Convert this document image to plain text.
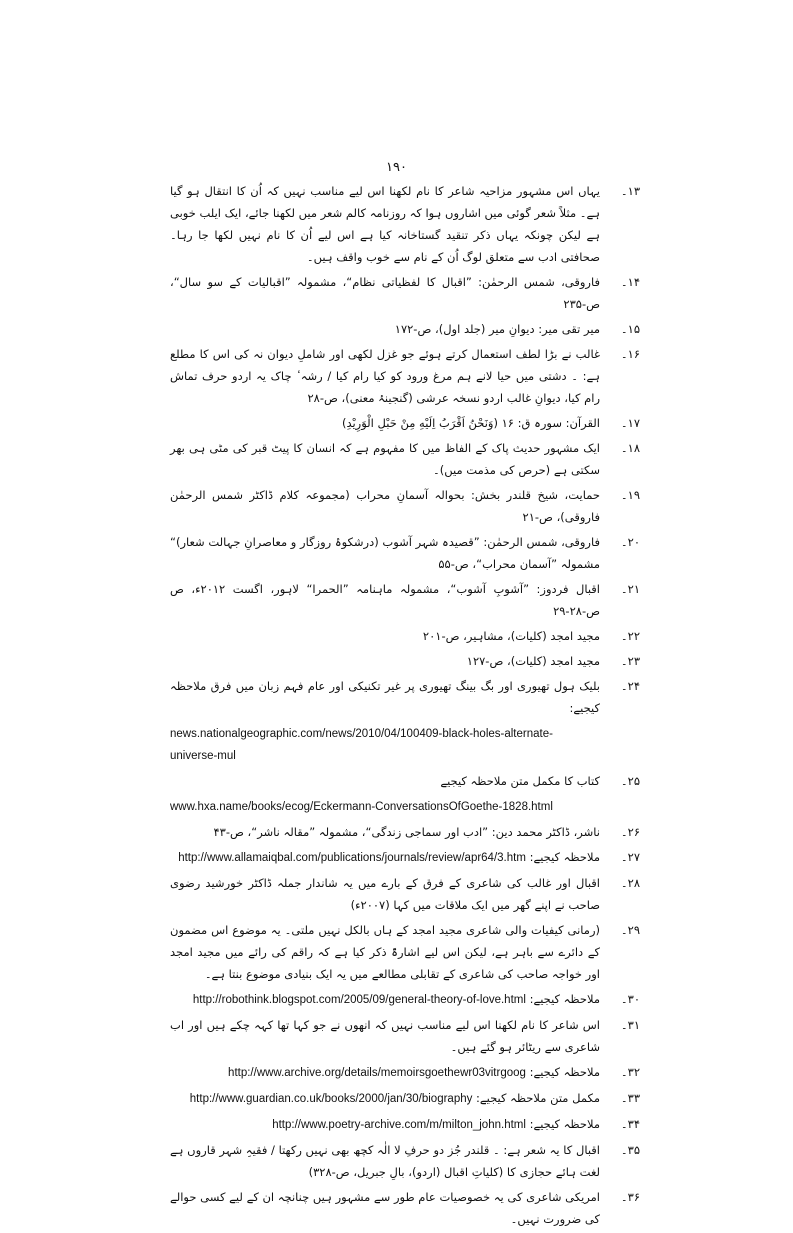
۱۹۰
۱۳۔
یہاں اس مشہور مزاحیہ شاعر کا نام لکھنا اس لیے مناسب نہیں کہ اُن کا انتقال ہو گیا ہے۔ مثلاً شعر گوئی میں اشاروں ہوا کہ روزنامہ کالم شعر میں لکھنا جائے، ایک ایلب خوبی ہے لیکن چونکہ یہاں ذکر تنقید گستاخانہ کیا ہے اس لیے اُن کا نام نہیں لکھا جا رہا۔ صحافتی ادب سے متعلق لوگ اُن کے نام سے خوب واقف ہیں۔
۱۴۔
فاروقی، شمس الرحمٰن: ”اقبال کا لفظیاتی نظام“، مشمولہ ”اقبالیات کے سو سال“، ص-۲۳۵
۱۵۔
میر تقی میر: دیوانِ میر (جلد اول)، ص-۱۷۲
۱۶۔
غالب نے بڑا لطف استعمال کرتے ہوئے جو غزل لکھی اور شاملِ دیوان نہ کی اس کا مطلع ہے: ۔ دشتی میں حیا لانے ہم مرغ ورود کو کیا رام کیا / رشہ ٔ چاک یہ اردو حرف تماش رام کیا، دیوانِ غالب اردو نسخہ عرشی (گنجینۂ معنی)، ص-۲۸
۱۷۔
القرآن: سورہ ق: ۱۶ (وَنَحْنُ اَقْرَبُ اِلَيْهِ مِنْ حَبْلِ الْوَرِيْدِ)
۱۸۔
ایک مشہور حدیث پاک کے الفاظ میں کا مفہوم ہے کہ انسان کا پیٹ قبر کی مٹی ہی بھر سکتی ہے (حرص کی مذمت میں)۔
۱۹۔
حمایت، شیخ قلندر بخش: بحوالہ آسمانِ محراب (مجموعہ کلام ڈاکٹر شمس الرحمٰن فاروقی)، ص-۲۱
۲۰۔
فاروقی، شمس الرحمٰن: ”قصیدہ شہر آشوب (درشکوۂ روزگار و معاصرانِ جہالت شعار)“ مشمولہ ”آسمان محراب“، ص-۵۵
۲۱۔
اقبال فردوز: ”آشوبِ آشوب“، مشمولہ ماہنامہ ”الحمرا“ لاہور، اگست ۲۰۱۲ء، ص ص-۲۸-۲۹
۲۲۔
مجید امجد (کلیات)، مشاہیر، ص-۲۰۱
۲۳۔
مجید امجد (کلیات)، ص-۱۲۷
۲۴۔
بلیک ہول تھیوری اور بگ بینگ تھیوری پر غیر تکنیکی اور عام فہم زبان میں فرق ملاحظہ کیجیے:
news.nationalgeographic.com/news/2010/04/100409-black-holes-alternate-universe-mul
۲۵۔
کتاب کا مکمل متن ملاحظہ کیجیے
www.hxa.name/books/ecog/Eckermann-ConversationsOfGoethe-1828.html
۲۶۔
ناشر، ڈاکٹر محمد دین: ”ادب اور سماجی زندگی“، مشمولہ ”مقالہ ناشر“، ص-۴۳
۲۷۔
ملاحظہ کیجیے: http://www.allamaiqbal.com/publications/journals/review/apr64/3.htm
۲۸۔
اقبال اور غالب کی شاعری کے فرق کے بارے میں یہ شاندار جملہ ڈاکٹر خورشید رضوی صاحب نے اپنے گھر میں ایک ملاقات میں کہا (۲۰۰۷ء)
۲۹۔
(رمانی کیفیات والی شاعری مجید امجد کے ہاں بالکل نہیں ملتی۔ یہ موضوع اس مضمون کے دائرے سے باہر ہے، لیکن اس لیے اشارۃً ذکر کیا ہے کہ راقم کی رائے میں مجید امجد اور خواجہ صاحب کی شاعری کے تقابلی مطالعے میں یہ ایک بنیادی موضوع بنتا ہے۔
۳۰۔
ملاحظہ کیجیے: http://robothink.blogspot.com/2005/09/general-theory-of-love.html
۳۱۔
اس شاعر کا نام لکھنا اس لیے مناسب نہیں کہ انھوں نے جو کہا تھا کہہ چکے ہیں اور اب شاعری سے ریٹائر ہو گئے ہیں۔
۳۲۔
ملاحظہ کیجیے: http://www.archive.org/details/memoirsgoethewr03vitrgoog
۳۳۔
مکمل متن ملاحظہ کیجیے: http://www.guardian.co.uk/books/2000/jan/30/biography
۳۴۔
ملاحظہ کیجیے: http://www.poetry-archive.com/m/milton_john.html
۳۵۔
اقبال کا یہ شعر ہے: ۔ قلندر جُز دو حرفِ لا الٰہ کچھ بھی نہیں رکھتا / فقیہِ شہر قاروں ہے لغت ہائے حجازی کا (کلیاتِ اقبال (اردو)، بالِ جبریل، ص-۳۲۸)
۳۶۔
امریکی شاعری کی یہ خصوصیات عام طور سے مشہور ہیں چنانچہ ان کے لیے کسی حوالے کی ضرورت نہیں۔
